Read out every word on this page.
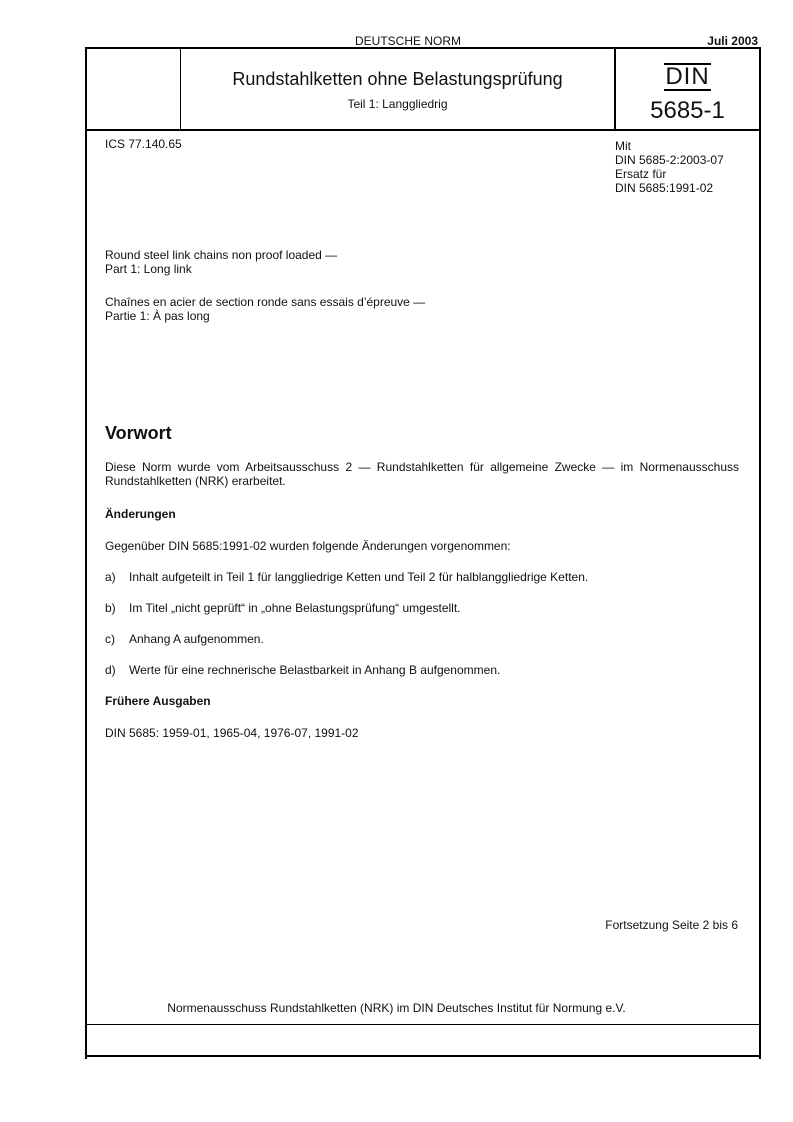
DEUTSCHE NORM	Juli 2003
Rundstahlketten ohne Belastungsprüfung
Teil 1: Langgliedrig
DIN
5685-1
ICS 77.140.65	Mit
DIN 5685-2:2003-07
Ersatz für
DIN 5685:1991-02
Round steel link chains non proof loaded —
Part 1: Long link
Chaînes en acier de section ronde sans essais d’épreuve —
Partie 1: À pas long
Vorwort
Diese Norm wurde vom Arbeitsausschuss 2 — Rundstahlketten für allgemeine Zwecke — im Normenausschuss Rundstahlketten (NRK) erarbeitet.
Änderungen
Gegenüber DIN 5685:1991-02 wurden folgende Änderungen vorgenommen:
a) Inhalt aufgeteilt in Teil 1 für langgliedrige Ketten und Teil 2 für halblanggliedrige Ketten.
b) Im Titel „nicht geprüft“ in „ohne Belastungsprüfung“ umgestellt.
c) Anhang A aufgenommen.
d) Werte für eine rechnerische Belastbarkeit in Anhang B aufgenommen.
Frühere Ausgaben
DIN 5685: 1959-01, 1965-04, 1976-07, 1991-02
Fortsetzung Seite 2 bis 6
Normenausschuss Rundstahlketten (NRK) im DIN Deutsches Institut für Normung e.V.
